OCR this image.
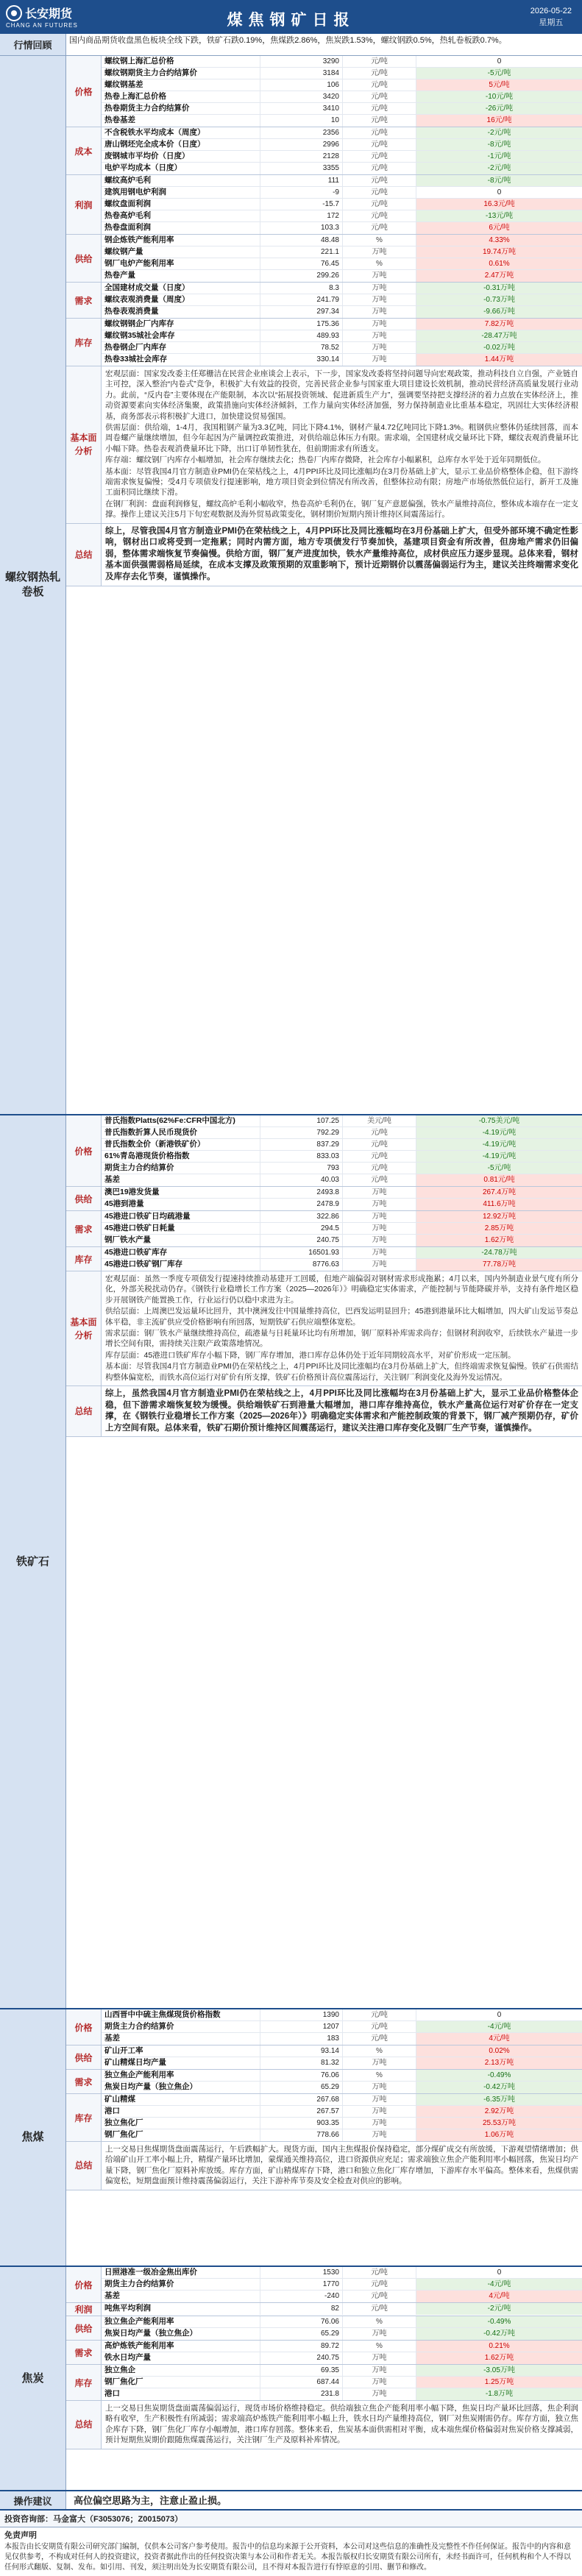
长安期货
CHANG AN FUTURES	煤焦钢矿日报
2026-05-22
星期五
行情回顾	国内商品期货收盘黑色板块全线下跌，铁矿石跌0.19%，焦煤跌2.86%，焦炭跌1.53%，螺纹钢跌0.5%，热轧卷板跌0.7%。
螺纹钢热轧卷板
价格
螺纹钢上海汇总价格	3290	元/吨	0
螺纹钢期货主力合约结算价	3184	元/吨	-5元/吨
螺纹钢基差	106	元/吨	5元/吨
热卷上海汇总价格	3420	元/吨	-10元/吨
热卷期货主力合约结算价	3410	元/吨	-26元/吨
热卷基差	10	元/吨	16元/吨
成本
不含税铁水平均成本（周度）	2356	元/吨	-2元/吨
唐山钢坯完全成本价（日度）	2996	元/吨	-8元/吨
废钢城市平均价（日度）	2128	元/吨	-1元/吨
电炉平均成本（日度）	3355	元/吨	-2元/吨
利润
螺纹高炉毛利	111	元/吨	-8元/吨
建筑用钢电炉利润	-9	元/吨	0
螺纹盘面利润	-15.7	元/吨	16.3元/吨
热卷高炉毛利	172	元/吨	-13元/吨
热卷盘面利润	103.3	元/吨	6元/吨
供给
钢企炼铁产能利用率	48.48	%	4.33%
螺纹钢产量	221.1	万吨	19.74万吨
钢厂电炉产能利用率	76.45	%	0.61%
热卷产量	299.26	万吨	2.47万吨
需求
全国建材成交量（日度）	8.3	万吨	-0.31万吨
螺纹表观消费量（周度）	241.79	万吨	-0.73万吨
热卷表观消费量	297.34	万吨	-9.66万吨
库存
螺纹钢钢企厂内库存	175.36	万吨	7.82万吨
螺纹钢35城社会库存	489.93	万吨	-28.47万吨
热卷钢企厂内库存	78.52	万吨	-0.02万吨
热卷33城社会库存	330.14	万吨	1.44万吨
基本面分析

宏观层面：国家发改委主任郑栅洁在民营企业座谈会上表示，下一步，国家发改委将坚持问题导向宏观政策，推动科技自立自强，产业链自主可控，深入整治“内卷式”竞争，积极扩大有效益的投资，完善民营企业参与国家重大项目建设长效机制，推动民营经济高质量发展行业动力。此前，“反内卷”主要体现在产能限制，本次以“拓展投资领域、促进新质生产力”，强调要坚持把支撑经济的着力点放在实体经济上，推动资源要素向实体经济集聚，政策措施向实体经济倾斜，工作力量向实体经济加强，努力保持制造业比重基本稳定，巩固壮大实体经济根基，商务部表示将积极扩大进口，加快建设贸易强国。

供需层面：供给端，1-4月，我国粗钢产量为3.3亿吨，同比下降4.1%，钢材产量4.72亿吨同比下降1.3%。粗钢供应整体仍延续回落，而本周卷螺产量继续增加，但今年起因为产量调控政策推进，对供给端总体压力有限。需求端，全国建材成交量环比下降，螺纹表观消费量环比小幅下降。热卷表观消费量环比下降，出口订单韧性犹在，但前期需求有所透支。

库存端：螺纹钢厂内库存小幅增加，社会库存继续去化；热卷厂内库存微降，社会库存小幅累积，总库存水平处于近年同期低位。

基本面：尽管我国4月官方制造业PMI仍在荣枯线之上，4月PPI环比及同比涨幅均在3月份基础上扩大，显示工业品价格整体企稳，但下游终端需求恢复偏慢；受4月专项债发行提速影响，地方项目资金到位情况有所改善，但整体拉动有限；房地产市场依然低位运行，新开工及施工面积同比继续下滑。

在钢厂利润：盘面利润修复，螺纹高炉毛利小幅收窄，热卷高炉毛利仍在，钢厂复产意愿偏强，铁水产量维持高位，整体成本端存在一定支撑。操作上建议关注5月下旬宏观数据及海外贸易政策变化，钢材期价短期内预计维持区间震荡运行。

总结
综上，尽管我国4月官方制造业PMI仍在荣枯线之上，4月PPI环比及同比涨幅均在3月份基础上扩大，但受外部环境不确定性影响，钢材出口或将受到一定拖累；同时内需方面，地方专项债发行节奏加快，基建项目资金有所改善，但房地产需求仍旧偏弱，整体需求端恢复节奏偏慢。供给方面，钢厂复产进度加快，铁水产量维持高位，成材供应压力逐步显现。总体来看，钢材基本面供强需弱格局延续，在成本支撑及政策预期的双重影响下，预计近期钢价以震荡偏弱运行为主，建议关注终端需求变化及库存去化节奏，谨慎操作。
铁矿石
价格
普氏指数Platts(62%Fe:CFR中国北方)	107.25	美元/吨	-0.75美元/吨
普氏指数折算人民币现货价	792.29	元/吨	-4.19元/吨
普氏指数全价（新港铁矿价）	837.29	元/吨	-4.19元/吨
61%青岛港现货价格指数	833.03	元/吨	-4.19元/吨
期货主力合约结算价	793	元/吨	-5元/吨
基差	40.03	元/吨	0.81元/吨
供给
澳巴19港发货量	2493.8	万吨	267.4万吨
45港到港量	2478.9	万吨	411.6万吨
需求
45港进口铁矿日均疏港量	322.86	万吨	12.92万吨
45港进口铁矿日耗量	294.5	万吨	2.85万吨
钢厂铁水产量	240.75	万吨	1.62万吨
库存
45港进口铁矿库存	16501.93	万吨	-24.78万吨
45港进口铁矿钢厂库存	8776.63	万吨	77.78万吨
基本面分析

宏观层面：虽然一季度专项债发行提速持续推动基建开工回暖，但地产端偏弱对钢材需求形成拖累；4月以来，国内外制造业景气度有所分化，外部关税扰动仍存。《钢铁行业稳增长工作方案（2025—2026年）》明确稳定实体需求，产能控制与节能降碳并举，支持有条件地区稳步开展钢铁产能置换工作，行业运行仍以稳中求进为主。

供给层面：上周澳巴发运量环比回升，其中澳洲发往中国量维持高位，巴西发运明显回升；45港到港量环比大幅增加，四大矿山发运节奏总体平稳，非主流矿供应受价格影响有所回落，短期铁矿石供应端整体宽松。

需求层面：钢厂铁水产量继续维持高位，疏港量与日耗量环比均有所增加，钢厂原料补库需求尚存；但钢材利润收窄，后续铁水产量进一步增长空间有限，需持续关注限产政策落地情况。

库存层面：45港进口铁矿库存小幅下降，钢厂库存增加，港口库存总体仍处于近年同期较高水平，对矿价形成一定压制。

基本面：尽管我国4月官方制造业PMI仍在荣枯线之上，4月PPI环比及同比涨幅均在3月份基础上扩大，但终端需求恢复偏慢。铁矿石供需结构整体偏宽松，而铁水高位运行对矿价有所支撑，铁矿石价格预计高位震荡运行，关注钢厂利润变化及海外发运情况。

总结
综上，虽然我国4月官方制造业PMI仍在荣枯线之上，4月PPI环比及同比涨幅均在3月份基础上扩大，显示工业品价格整体企稳，但下游需求端恢复较为缓慢。供给端铁矿石到港量大幅增加，港口库存维持高位，铁水产量高位运行对矿价存在一定支撑，在《钢铁行业稳增长工作方案（2025—2026年）》明确稳定实体需求和产能控制政策的背景下，钢厂减产预期仍存，矿价上方空间有限。总体来看，铁矿石期价预计维持区间震荡运行，建议关注港口库存变化及钢厂生产节奏，谨慎操作。
焦煤
价格
山西晋中中硫主焦煤现货价格指数	1390	元/吨	0
期货主力合约结算价	1207	元/吨	-4元/吨
基差	183	元/吨	4元/吨
供给
矿山开工率	93.14	%	0.02%
矿山精煤日均产量	81.32	万吨	2.13万吨
需求
独立焦企产能利用率	76.06	%	-0.49%
焦炭日均产量（独立焦企）	65.29	万吨	-0.42万吨
库存
矿山精煤	267.68	万吨	-6.35万吨
港口	267.57	万吨	2.92万吨
独立焦化厂	903.35	万吨	25.53万吨
钢厂焦化厂	778.66	万吨	1.06万吨
总结

上一交易日焦煤期货盘面震荡运行，午后跌幅扩大。现货方面，国内主焦煤报价保持稳定，部分煤矿成交有所放缓，下游观望情绪增加；供给端矿山开工率小幅上升，精煤产量环比增加，蒙煤通关维持高位，进口资源供应充足；需求端独立焦企产能利用率小幅回落，焦炭日均产量下降，钢厂焦化厂原料补库放缓。库存方面，矿山精煤库存下降，港口和独立焦化厂库存增加，下游库存水平偏高。整体来看，焦煤供需偏宽松，短期盘面预计维持震荡偏弱运行，关注下游补库节奏及安全检查对供应的影响。

焦炭
价格
日照港准一级冶金焦出库价	1530	元/吨	0
期货主力合约结算价	1770	元/吨	-4元/吨
基差	-240	元/吨	4元/吨
利润	吨焦平均利润	82	元/吨	-2元/吨
供给
独立焦企产能利用率	76.06	%	-0.49%
焦炭日均产量（独立焦企）	65.29	万吨	-0.42万吨
需求
高炉炼铁产能利用率	89.72	%	0.21%
铁水日均产量	240.75	万吨	1.62万吨
库存
独立焦企	69.35	万吨	-3.05万吨
钢厂焦化厂	687.44	万吨	1.25万吨
港口	231.8	万吨	-1.8万吨
总结

上一交易日焦炭期货盘面震荡偏弱运行，现货市场价格维持稳定。供给端独立焦企产能利用率小幅下降，焦炭日均产量环比回落，焦企利润略有收窄，生产积极性有所减弱；需求端高炉炼铁产能利用率小幅上升，铁水日均产量维持高位，钢厂对焦炭刚需仍存。库存方面，独立焦企库存下降，钢厂焦化厂库存小幅增加，港口库存回落。整体来看，焦炭基本面供需相对平衡，成本端焦煤价格偏弱对焦炭价格支撑减弱，预计短期焦炭期价跟随焦煤震荡运行，关注钢厂生产及原料补库情况。

操作建议	高位偏空思路为主，注意止盈止损。
投资咨询部：马金富大（F3053076；Z0015073）
免责声明
本报告由长安期货有限公司研究部门编制，仅供本公司客户参考使用。报告中的信息均来源于公开资料，本公司对这些信息的准确性及完整性不作任何保证。报告中的内容和意见仅供参考，不构成对任何人的投资建议，投资者据此作出的任何投资决策与本公司和作者无关。本报告版权归长安期货有限公司所有，未经书面许可，任何机构和个人不得以任何形式翻版、复制、发布。如引用、刊发，须注明出处为长安期货有限公司，且不得对本报告进行有悖原意的引用、删节和修改。
